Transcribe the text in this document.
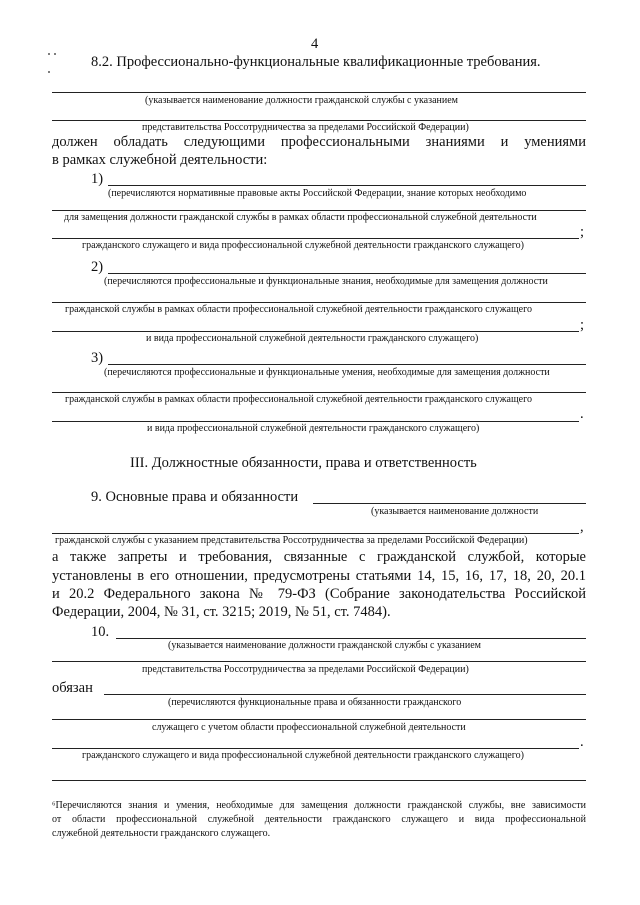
4
8.2. Профессионально-функциональные квалификационные требования.
(указывается наименование должности гражданской службы с указанием
представительства Россотрудничества за пределами Российской Федерации)
должен обладать следующими профессиональными знаниями и умениями
в рамках служебной деятельности:
1)
(перечисляются нормативные правовые акты Российской Федерации, знание которых необходимо
для замещения должности гражданской службы в рамках области профессиональной служебной деятельности
;
гражданского служащего и вида профессиональной служебной деятельности гражданского служащего)
2)
(перечисляются профессиональные и функциональные знания, необходимые для замещения должности
гражданской службы в рамках области профессиональной служебной деятельности гражданского служащего
;
и вида профессиональной служебной деятельности гражданского служащего)
3)
(перечисляются профессиональные и функциональные умения, необходимые для замещения должности
гражданской службы в рамках области профессиональной служебной деятельности гражданского служащего
.
и вида профессиональной служебной деятельности гражданского служащего)
III. Должностные обязанности, права и ответственность
9. Основные права и обязанности
(указывается наименование должности
,
гражданской службы с указанием представительства Россотрудничества за пределами Российской Федерации)
а также запреты и требования, связанные с гражданской службой, которые
установлены в его отношении, предусмотрены статьями 14, 15, 16, 17, 18, 20, 20.1
и 20.2 Федерального закона № 79-ФЗ (Собрание законодательства Российской
Федерации, 2004, № 31, ст. 3215; 2019, № 51, ст. 7484).
10.
(указывается наименование должности гражданской службы с указанием
представительства Россотрудничества за пределами Российской Федерации)
обязан
(перечисляются функциональные права и обязанности гражданского
служащего с учетом области профессиональной служебной деятельности
.
гражданского служащего и вида профессиональной служебной деятельности гражданского служащего)
⁶Перечисляются знания и умения, необходимые для замещения должности гражданской службы, вне зависимости
от области профессиональной служебной деятельности гражданского служащего и вида профессиональной
служебной деятельности гражданского служащего.
